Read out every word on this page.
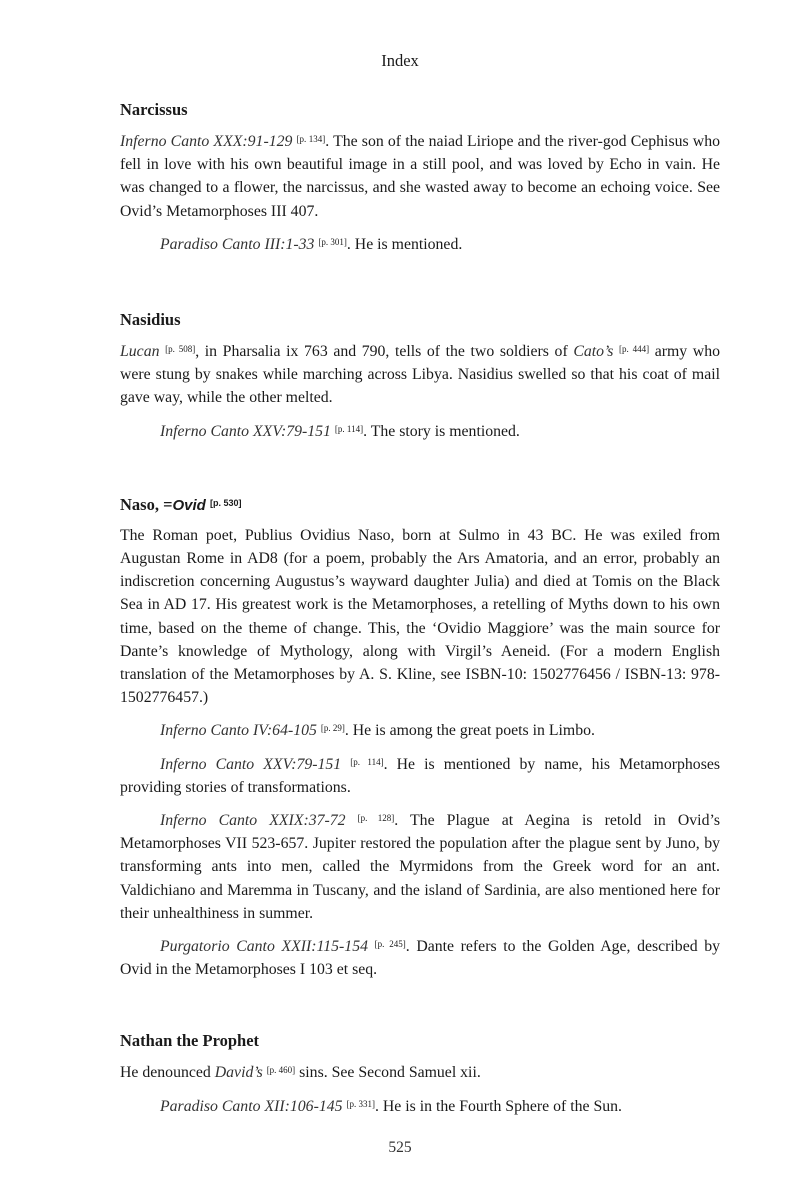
Index
Narcissus

Inferno Canto XXX:91-129 [p. 134]. The son of the naiad Liriope and the river-god Cephisus who fell in love with his own beautiful image in a still pool, and was loved by Echo in vain. He was changed to a flower, the narcissus, and she wasted away to become an echoing voice. See Ovid’s Metamorphoses III 407.

Paradiso Canto III:1-33 [p. 301]. He is mentioned.

Nasidius

Lucan [p. 508], in Pharsalia ix 763 and 790, tells of the two soldiers of Cato’s [p. 444] army who were stung by snakes while marching across Libya. Nasidius swelled so that his coat of mail gave way, while the other melted.

Inferno Canto XXV:79-151 [p. 114]. The story is mentioned.

Naso, =Ovid [p. 530]

The Roman poet, Publius Ovidius Naso, born at Sulmo in 43 BC. He was exiled from Augustan Rome in AD8 (for a poem, probably the Ars Amatoria, and an error, probably an indiscretion concerning Augustus’s wayward daughter Julia) and died at Tomis on the Black Sea in AD 17. His greatest work is the Metamorphoses, a retelling of Myths down to his own time, based on the theme of change. This, the ‘Ovidio Maggiore’ was the main source for Dante’s knowledge of Mythology, along with Virgil’s Aeneid. (For a modern English translation of the Metamorphoses by A. S. Kline, see ISBN-10: 1502776456 / ISBN-13: 978-1502776457.)

Inferno Canto IV:64-105 [p. 29]. He is among the great poets in Limbo.

Inferno Canto XXV:79-151 [p. 114]. He is mentioned by name, his Metamorphoses providing stories of transformations.

Inferno Canto XXIX:37-72 [p. 128]. The Plague at Aegina is retold in Ovid’s Metamorphoses VII 523-657. Jupiter restored the population after the plague sent by Juno, by transforming ants into men, called the Myrmidons from the Greek word for an ant. Valdichiano and Maremma in Tuscany, and the island of Sardinia, are also mentioned here for their unhealthiness in summer.

Purgatorio Canto XXII:115-154 [p. 245]. Dante refers to the Golden Age, described by Ovid in the Metamorphoses I 103 et seq.

Nathan the Prophet

He denounced David’s [p. 460] sins. See Second Samuel xii.

Paradiso Canto XII:106-145 [p. 331]. He is in the Fourth Sphere of the Sun.

525
